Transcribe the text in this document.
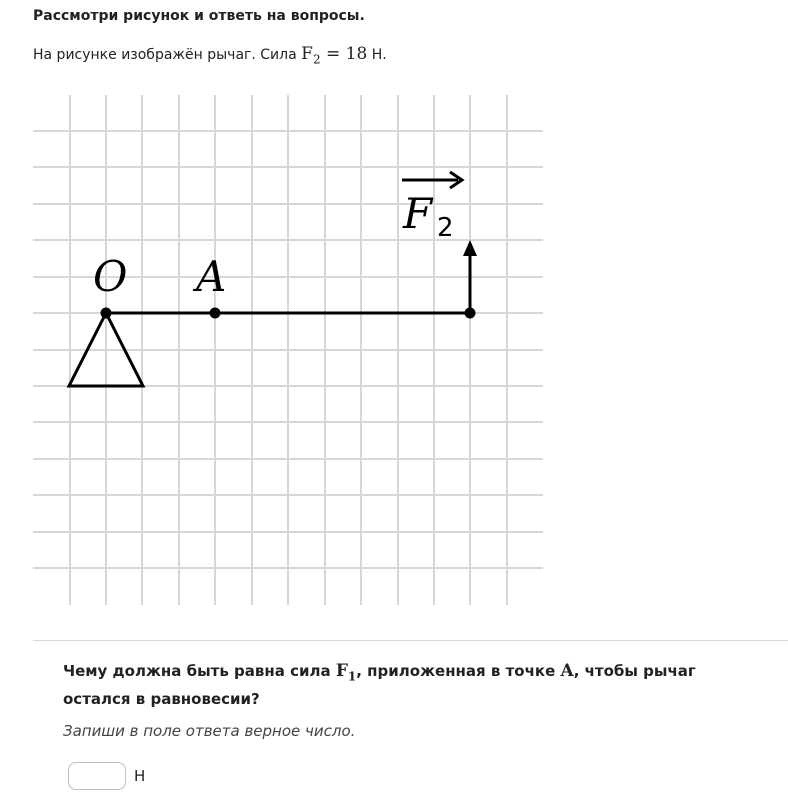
Рассмотри рисунок и ответь на вопросы.
На рисунке изображён рычаг. Сила $F_2 = 18$ Н.
O A
F 2
Чему должна быть равна сила $F_1$, приложенная в точке A, чтобы рычаг остался в равновесии?
Запиши в поле ответа верное число.
Н
